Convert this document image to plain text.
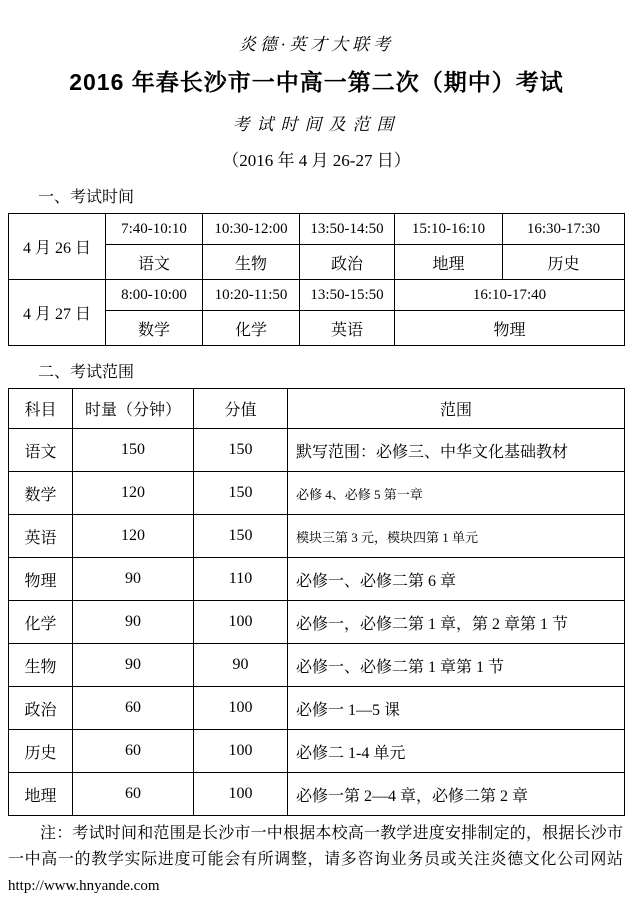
炎德·英才大联考
2016 年春长沙市一中高一第二次（期中）考试
考试时间及范围
（2016 年 4 月 26-27 日）
一、考试时间
4 月 26 日	7:40-10:10	10:30-12:00	13:50-14:50	15:10-16:10	16:30-17:30
	语文	生物	政治	地理	历史
4 月 27 日	8:00-10:00	10:20-11:50	13:50-15:50	16:10-17:40	
	数学	化学	英语	物理	
二、考试范围
科目	时量（分钟）	分值	范围
语文	150	150	默写范围：必修三、中华文化基础教材
数学	120	150	必修 4、必修 5 第一章
英语	120	150	模块三第 3 元，模块四第 1 单元
物理	90	110	必修一、必修二第 6 章
化学	90	100	必修一，必修二第 1 章，第 2 章第 1 节
生物	90	90	必修一、必修二第 1 章第 1 节
政治	60	100	必修一 1—5 课
历史	60	100	必修二 1-4 单元
地理	60	100	必修一第 2—4 章，必修二第 2 章

注：考试时间和范围是长沙市一中根据本校高一教学进度安排制定的，根据长沙市一中高一的教学实际进度可能会有所调整，请多咨询业务员或关注炎德文化公司网站 http://www.hnyande.com
